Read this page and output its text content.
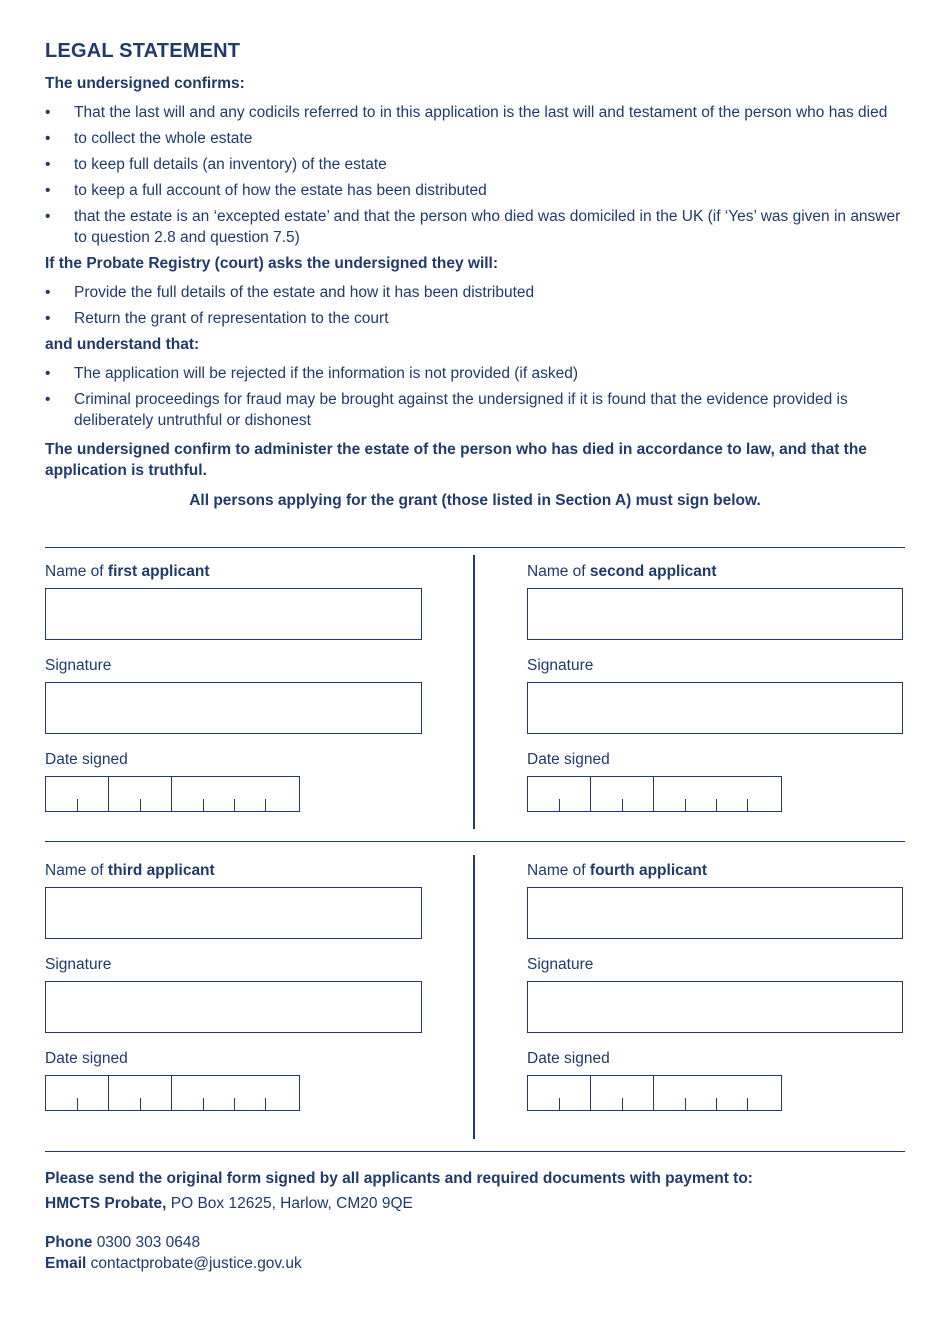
LEGAL STATEMENT
The undersigned confirms:
• That the last will and any codicils referred to in this application is the last will and testament of the person who has died
• to collect the whole estate
• to keep full details (an inventory) of the estate
• to keep a full account of how the estate has been distributed
• that the estate is an ‘excepted estate’ and that the person who died was domiciled in the UK (if ‘Yes’ was given in answer to question 2.8 and question 7.5)
If the Probate Registry (court) asks the undersigned they will:
• Provide the full details of the estate and how it has been distributed
• Return the grant of representation to the court
and understand that:
• The application will be rejected if the information is not provided (if asked)
• Criminal proceedings for fraud may be brought against the undersigned if it is found that the evidence provided is deliberately untruthful or dishonest
The undersigned confirm to administer the estate of the person who has died in accordance to law, and that the application is truthful.
All persons applying for the grant (those listed in Section A) must sign below.
Name of first applicant
Signature
Date signed
Name of second applicant
Signature
Date signed
Name of third applicant
Signature
Date signed
Name of fourth applicant
Signature
Date signed

Please send the original form signed by all applicants and required documents with payment to:

HMCTS Probate, PO Box 12625, Harlow, CM20 9QE

Phone 0300 303 0648

Email contactprobate@justice.gov.uk
